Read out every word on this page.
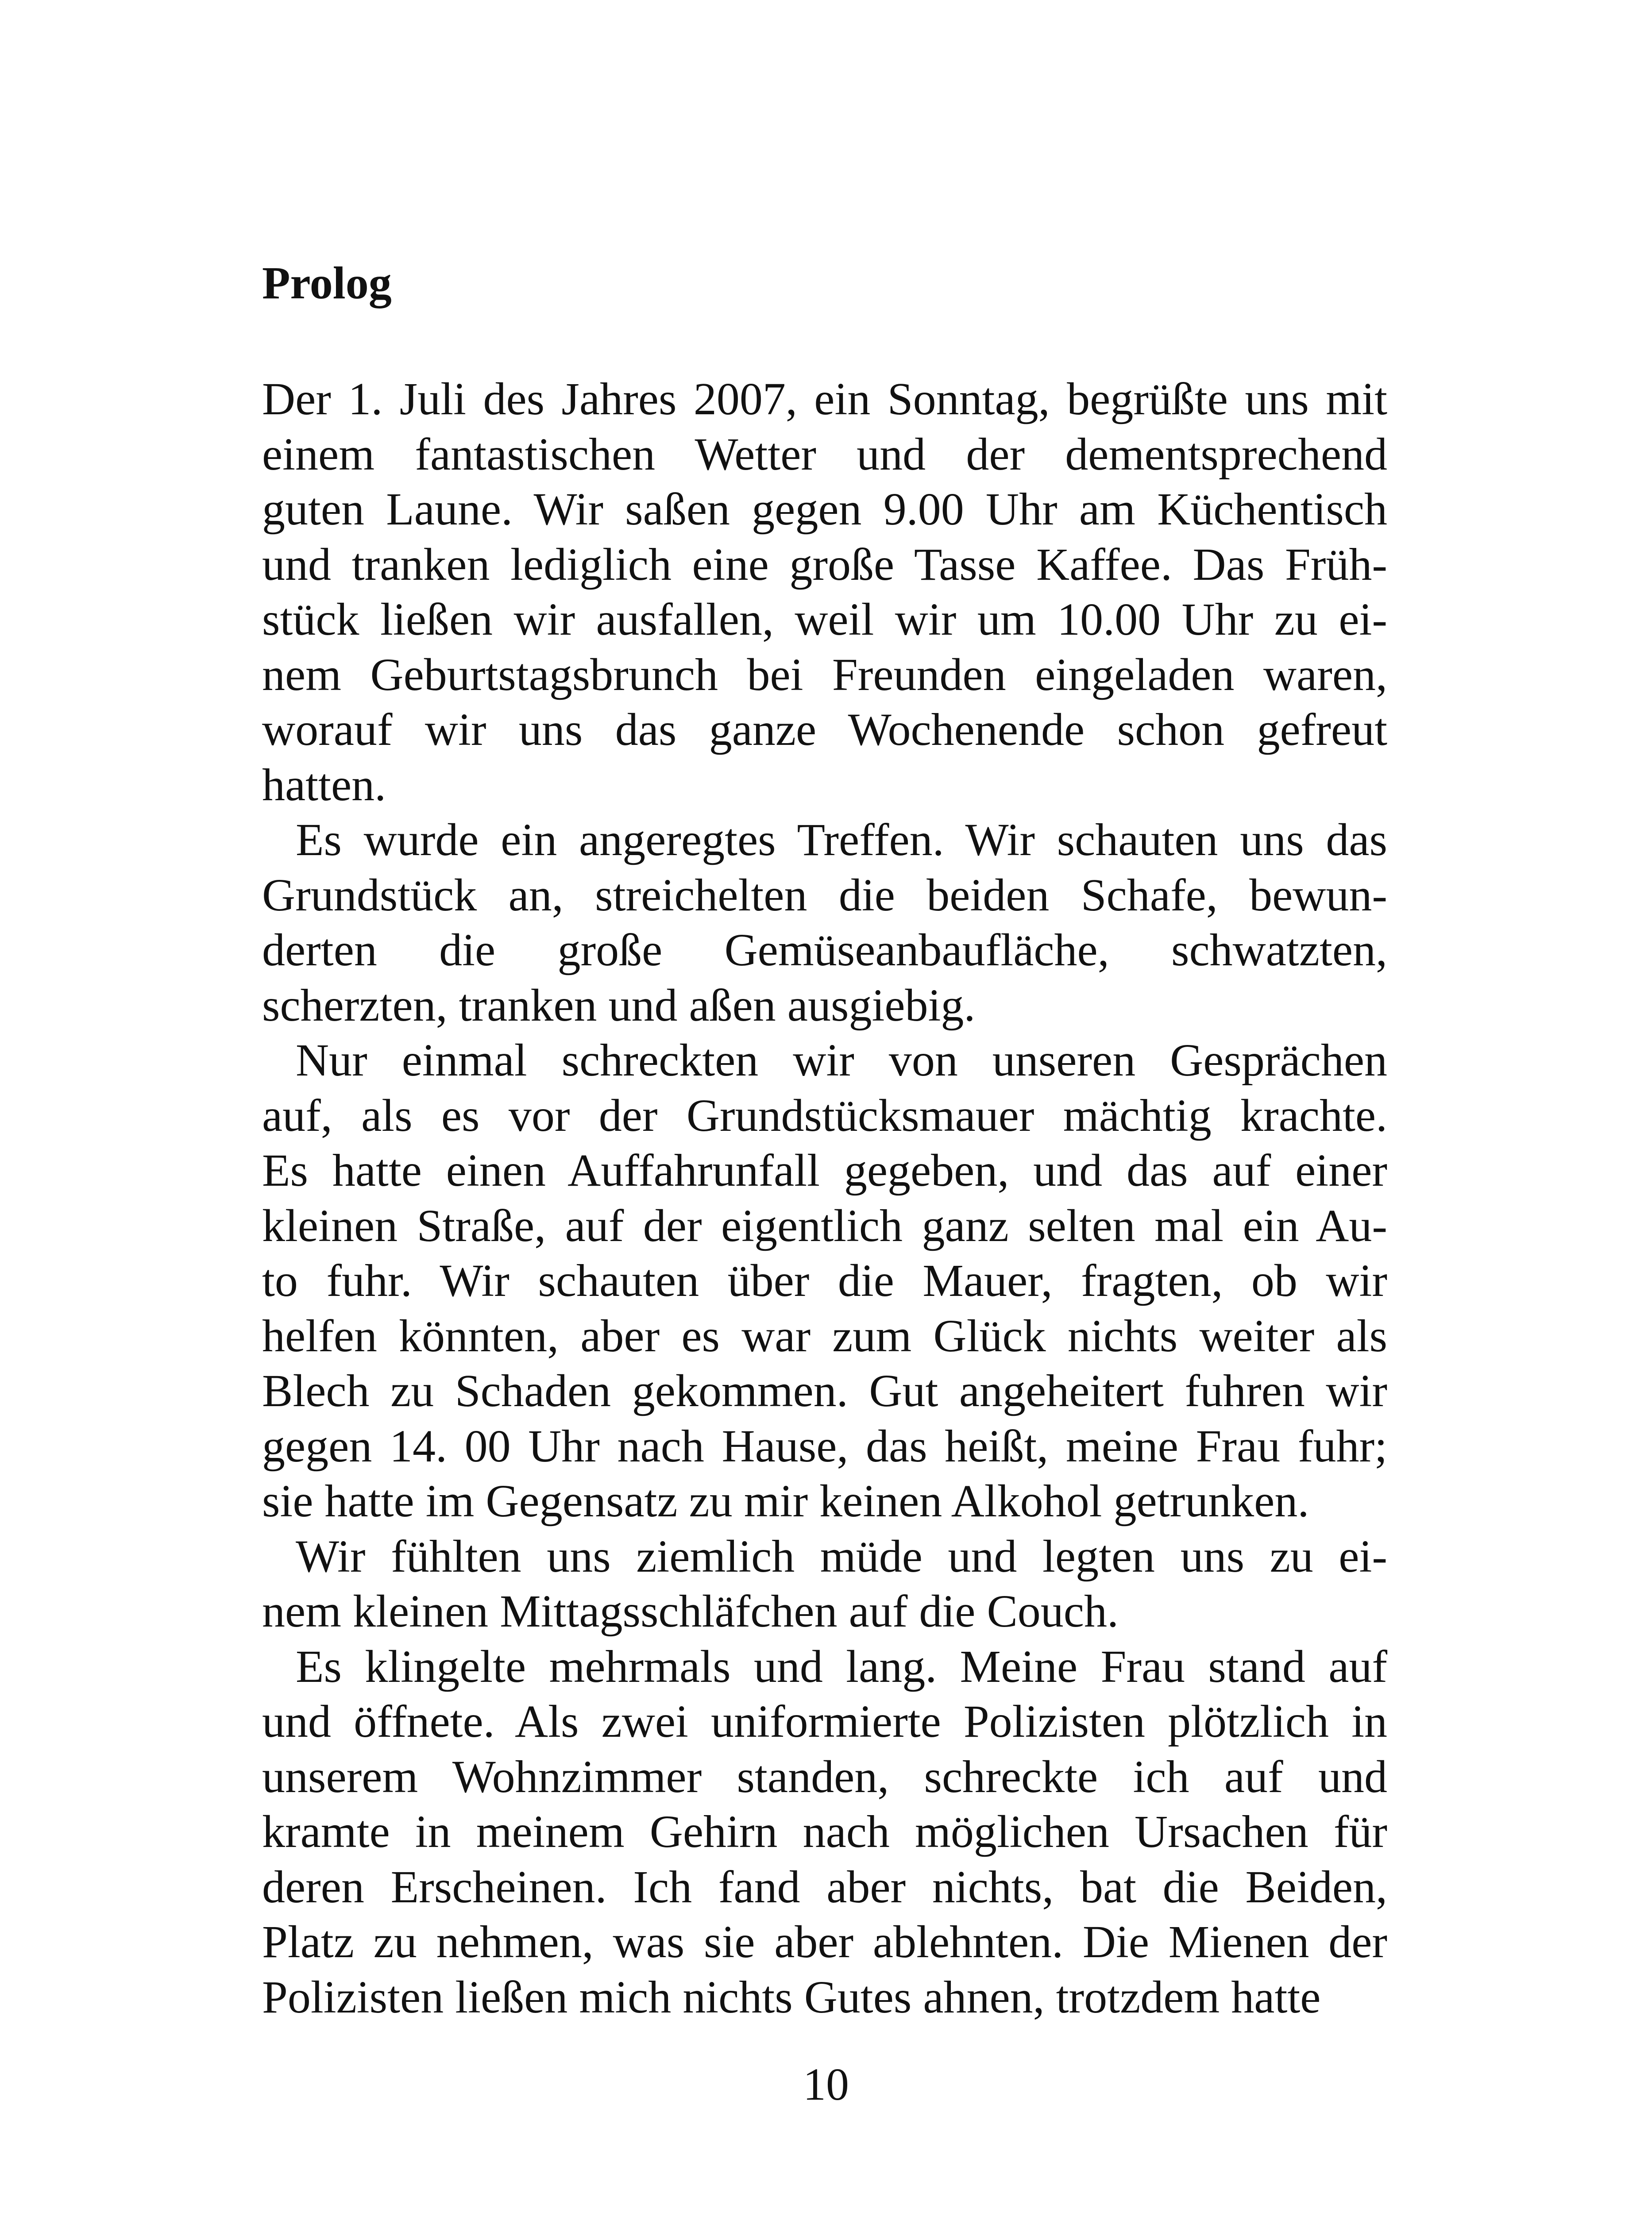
Prolog
Der 1. Juli des Jahres 2007, ein Sonntag, begrüßte uns mit
einem fantastischen Wetter und der dementsprechend
guten Laune. Wir saßen gegen 9.00 Uhr am Küchentisch
und tranken lediglich eine große Tasse Kaffee. Das Früh-
stück ließen wir ausfallen, weil wir um 10.00 Uhr zu ei-
nem Geburtstagsbrunch bei Freunden eingeladen waren,
worauf wir uns das ganze Wochenende schon gefreut
hatten.
Es wurde ein angeregtes Treffen. Wir schauten uns das
Grundstück an, streichelten die beiden Schafe, bewun-
derten die große Gemüseanbaufläche, schwatzten,
scherzten, tranken und aßen ausgiebig.
Nur einmal schreckten wir von unseren Gesprächen
auf, als es vor der Grundstücksmauer mächtig krachte.
Es hatte einen Auffahrunfall gegeben, und das auf einer
kleinen Straße, auf der eigentlich ganz selten mal ein Au-
to fuhr. Wir schauten über die Mauer, fragten, ob wir
helfen könnten, aber es war zum Glück nichts weiter als
Blech zu Schaden gekommen. Gut angeheitert fuhren wir
gegen 14. 00 Uhr nach Hause, das heißt, meine Frau fuhr;
sie hatte im Gegensatz zu mir keinen Alkohol getrunken.
Wir fühlten uns ziemlich müde und legten uns zu ei-
nem kleinen Mittagsschläfchen auf die Couch.
Es klingelte mehrmals und lang. Meine Frau stand auf
und öffnete. Als zwei uniformierte Polizisten plötzlich in
unserem Wohnzimmer standen, schreckte ich auf und
kramte in meinem Gehirn nach möglichen Ursachen für
deren Erscheinen. Ich fand aber nichts, bat die Beiden,
Platz zu nehmen, was sie aber ablehnten. Die Mienen der
Polizisten ließen mich nichts Gutes ahnen, trotzdem hatte
10
